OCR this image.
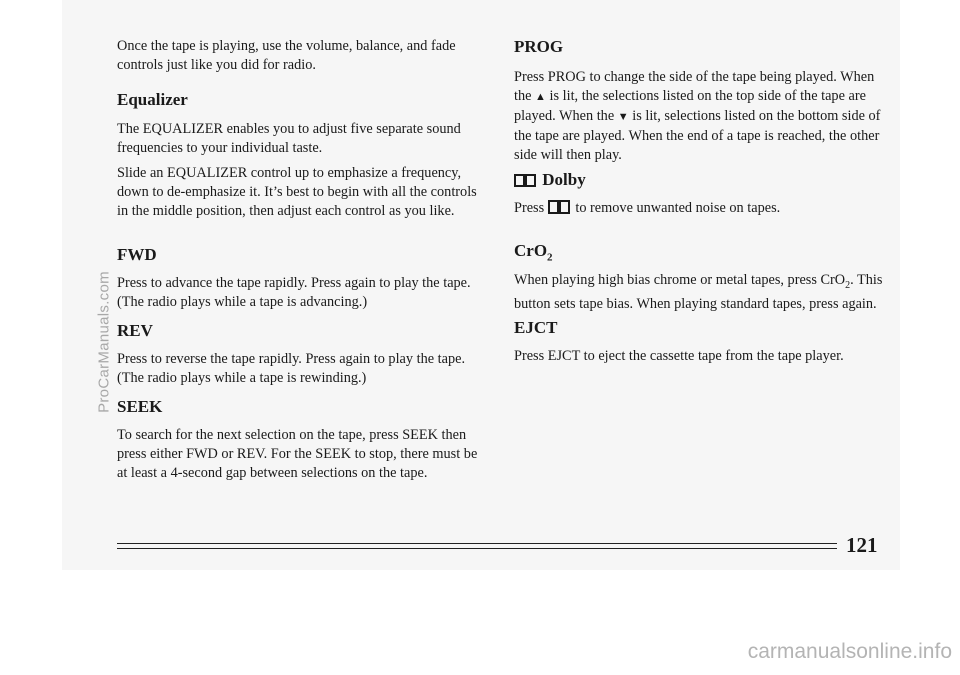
Once the tape is playing, use the volume, balance, and fade controls just like you did for radio.

Equalizer

The EQUALIZER enables you to adjust five separate sound frequencies to your individual taste.

Slide an EQUALIZER control up to emphasize a frequency, down to de-emphasize it. It’s best to begin with all the controls in the middle position, then adjust each control as you like.

FWD

Press to advance the tape rapidly. Press again to play the tape. (The radio plays while a tape is advancing.)

REV

Press to reverse the tape rapidly. Press again to play the tape. (The radio plays while a tape is rewinding.)

SEEK

To search for the next selection on the tape, press SEEK then press either FWD or REV. For the SEEK to stop, there must be at least a 4-second gap between selections on the tape.

PROG

Press PROG to change the side of the tape being played. When the ▲ is lit, the selections listed on the top side of the tape are played. When the ▼ is lit, selections listed on the bottom side of the tape are played. When the end of a tape is reached, the other side will then play.

Dolby

Press to remove unwanted noise on tapes.

CrO$_2$

When playing high bias chrome or metal tapes, press CrO$_2$. This button sets tape bias. When playing standard tapes, press again.

EJCT

Press EJCT to eject the cassette tape from the tape player.

ProCarManuals.com
121
carmanualsonline.info
